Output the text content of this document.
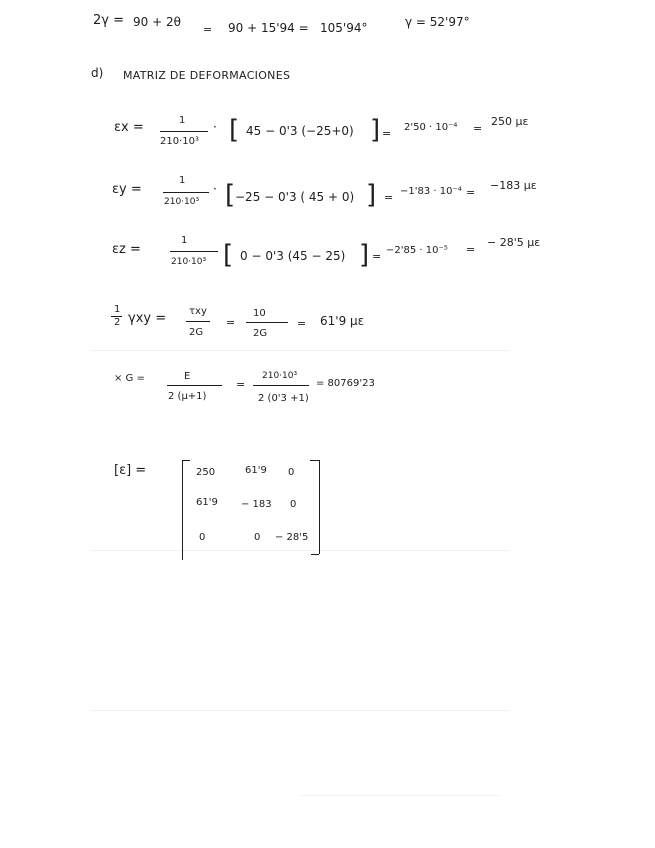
2γ = 90 + 2θ
= 90 + 15'94 = 105'94°	γ = 52'97°
d) MATRIZ DE DEFORMACIONES
εx =	1
210·10³
· [ 45 − 0'3 (−25+0) ] = 2'50 · 10⁻⁴ =
250 με
εy =
1
210·10³
· [ −25 − 0'3 ( 45 + 0) ] = −1'83 · 10⁻⁴ =
−183 με
εz =
1
210·10³ [ 0 − 0'3 (45 − 25) ] = −2'85 · 10⁻⁵ =
− 28'5 με
1
2 γxy = τxy
2G
=
10
2G
= 61'9 με
× G =	E
2 (μ+1)
=
210·10³
2 (0'3 +1)
= 80769'23
[ε] =	250	61'9 0
61'9 − 183 0
0	0 − 28'5
